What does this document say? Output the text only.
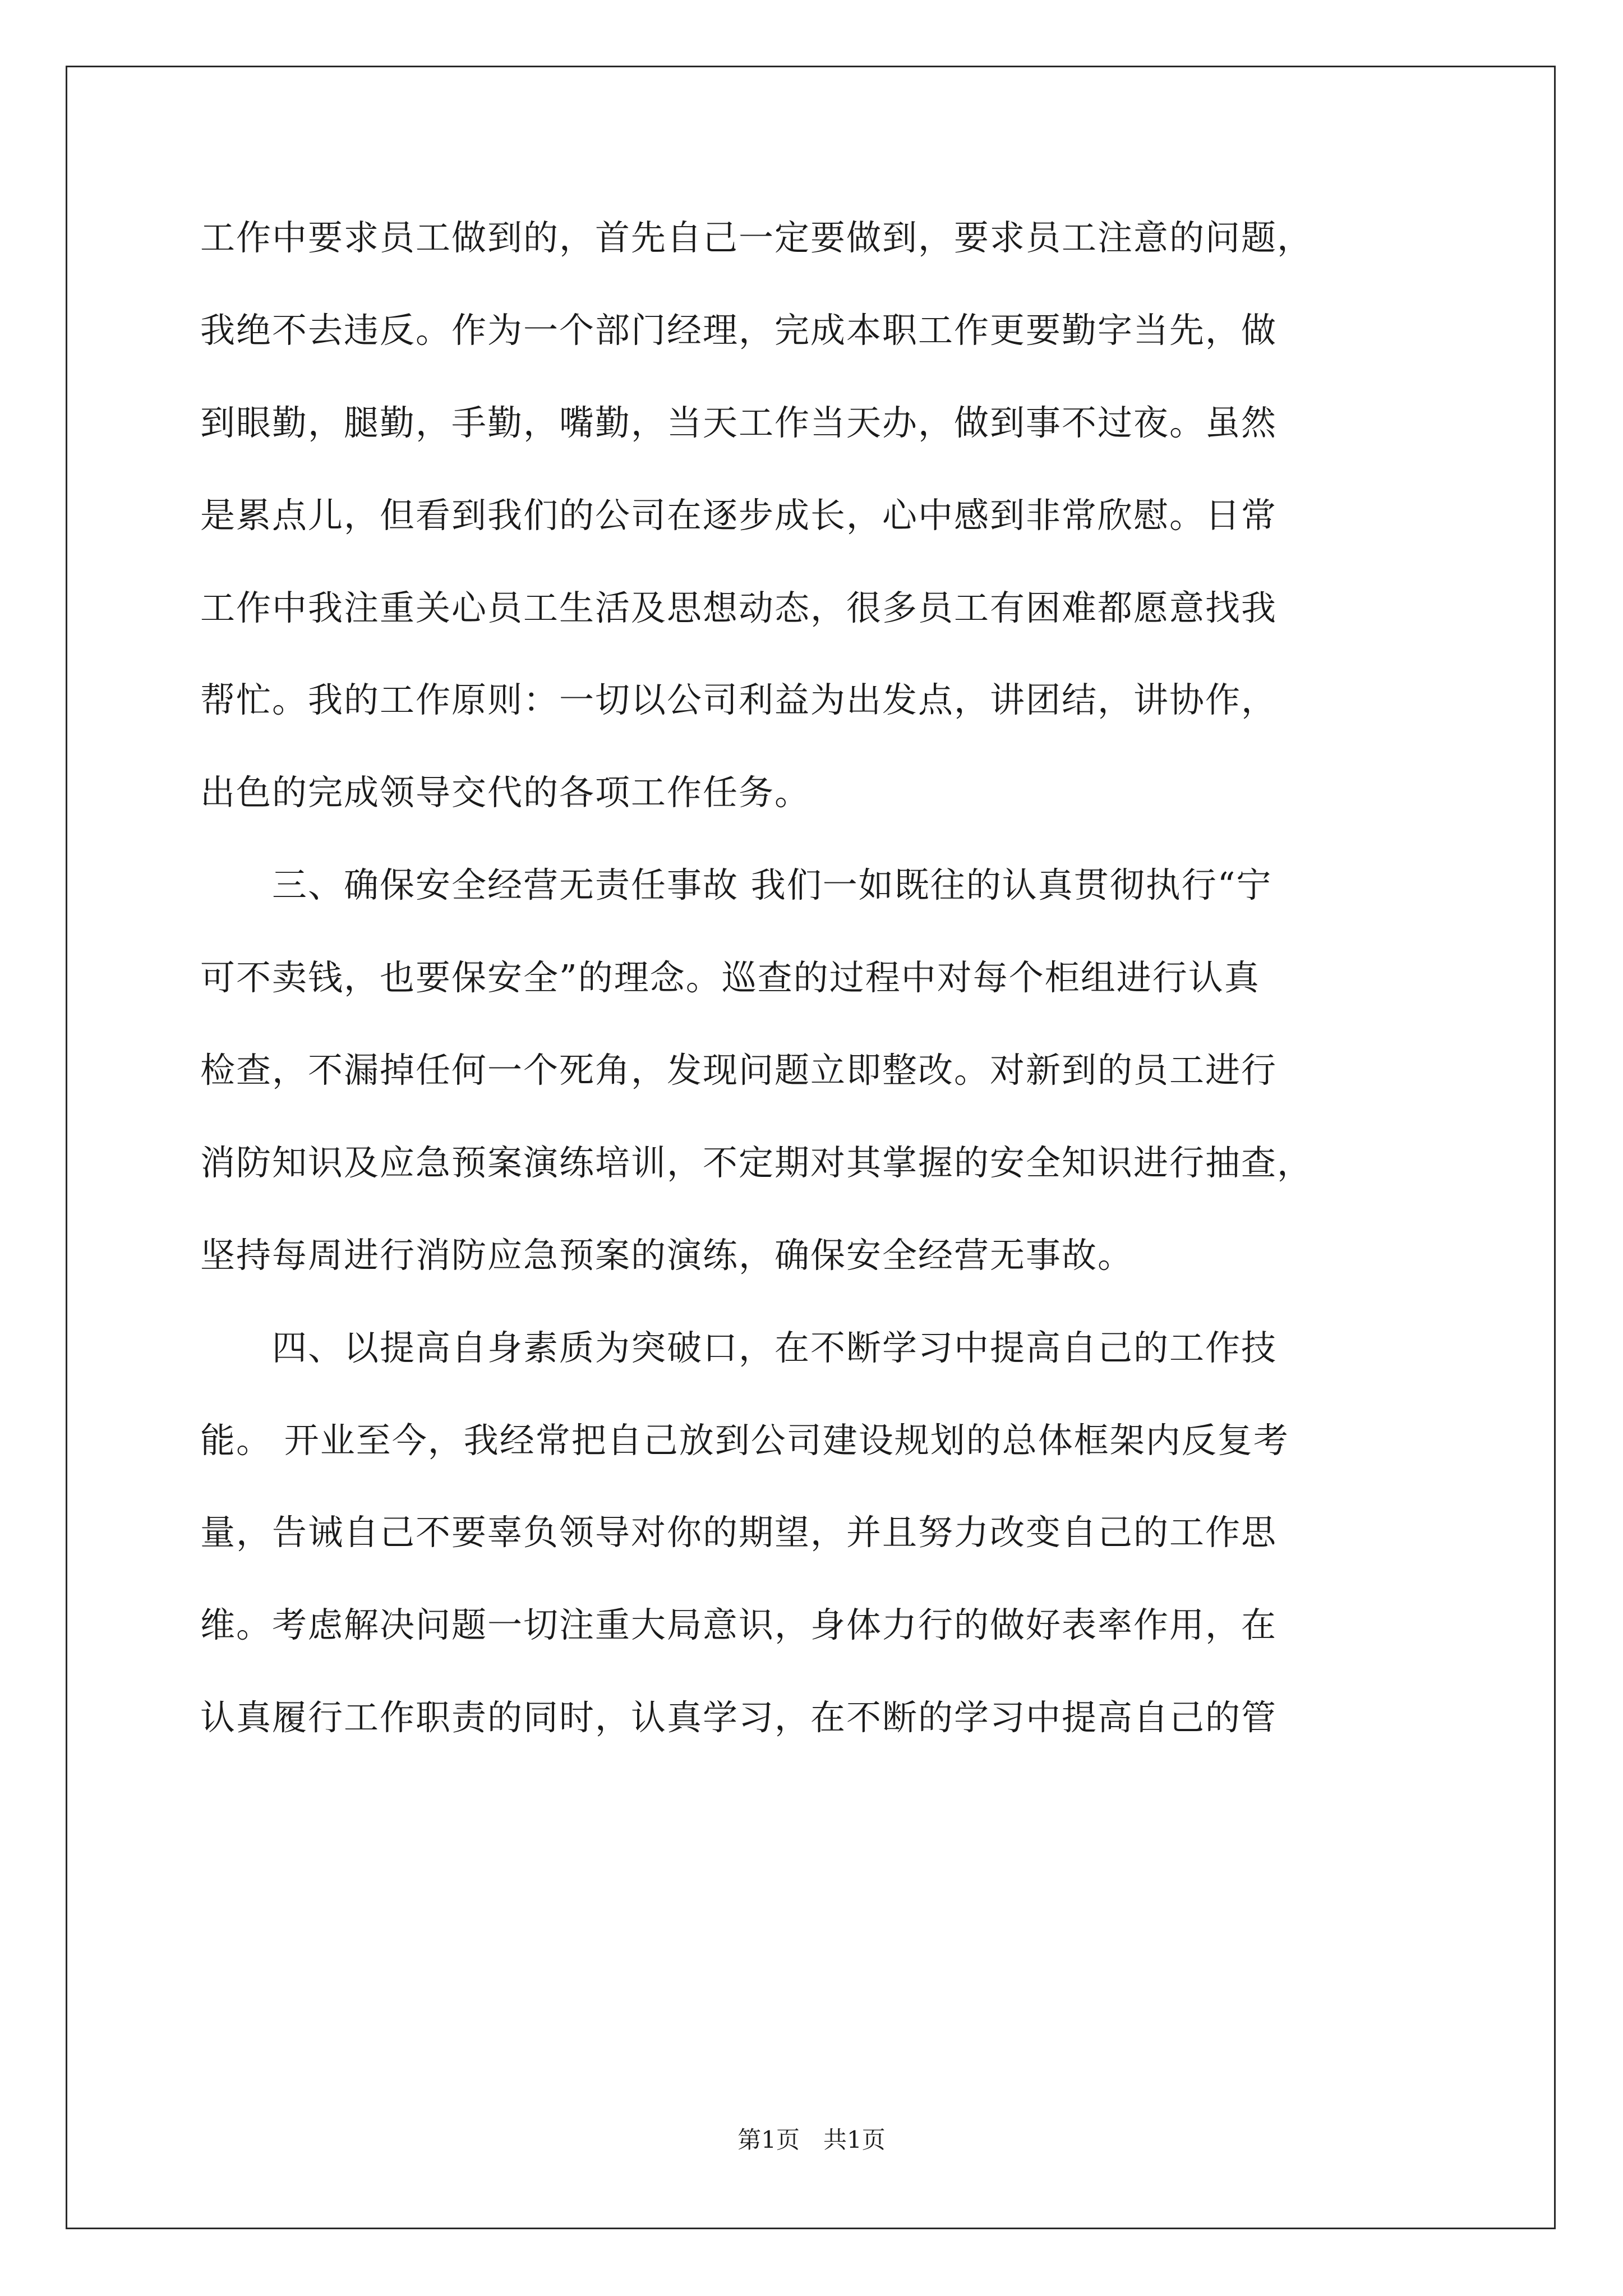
工作中要求员工做到的，首先自己一定要做到，要求员工注意的问题，
我绝不去违反。作为一个部门经理，完成本职工作更要勤字当先，做
到眼勤，腿勤，手勤，嘴勤，当天工作当天办，做到事不过夜。虽然
是累点儿，但看到我们的公司在逐步成长，心中感到非常欣慰。日常
工作中我注重关心员工生活及思想动态，很多员工有困难都愿意找我
帮忙。我的工作原则：一切以公司利益为出发点，讲团结，讲协作，
出色的完成领导交代的各项工作任务。
　　三、确保安全经营无责任事故 我们一如既往的认真贯彻执行“宁
可不卖钱，也要保安全”的理念。巡查的过程中对每个柜组进行认真
检查，不漏掉任何一个死角，发现问题立即整改。对新到的员工进行
消防知识及应急预案演练培训，不定期对其掌握的安全知识进行抽查，
坚持每周进行消防应急预案的演练，确保安全经营无事故。
　　四、以提高自身素质为突破口，在不断学习中提高自己的工作技
能。 开业至今，我经常把自己放到公司建设规划的总体框架内反复考
量，告诫自己不要辜负领导对你的期望，并且努力改变自己的工作思
维。考虑解决问题一切注重大局意识，身体力行的做好表率作用，在
认真履行工作职责的同时，认真学习，在不断的学习中提高自己的管
第1页　共1页
